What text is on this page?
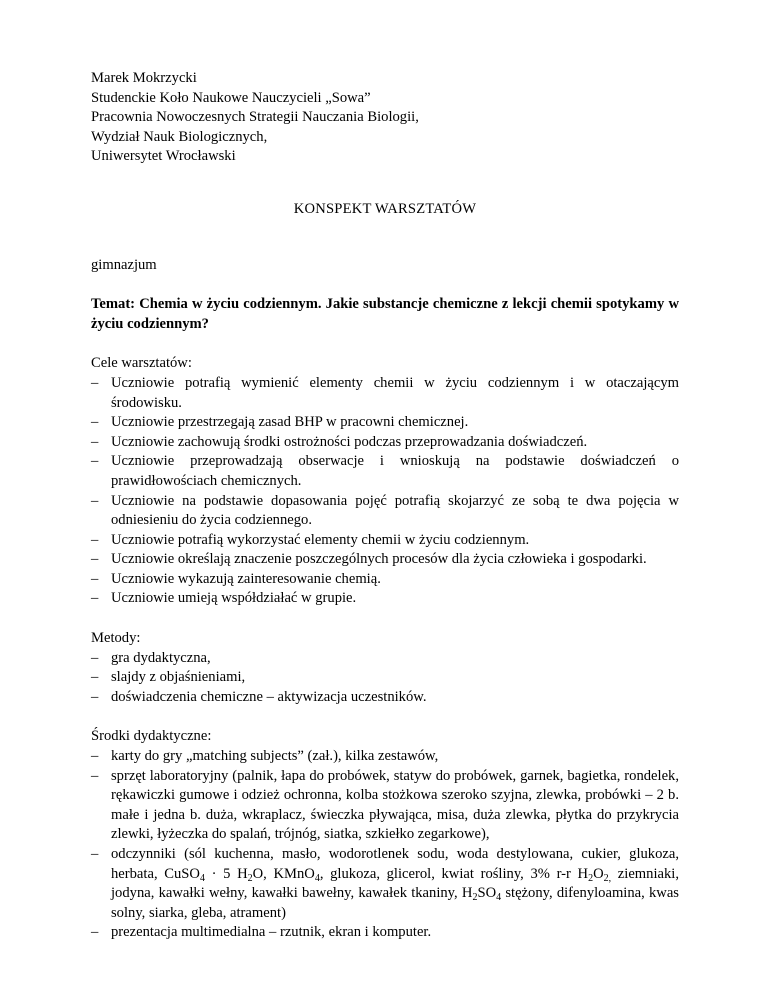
Marek Mokrzycki

Studenckie Koło Naukowe Nauczycieli „Sowa”

Pracownia Nowoczesnych Strategii Nauczania Biologii,

Wydział Nauk Biologicznych,

Uniwersytet Wrocławski

KONSPEKT WARSZTATÓW
gimnazjum
Temat: Chemia w życiu codziennym. Jakie substancje chemiczne z lekcji chemii spotykamy w życiu codziennym?

Cele warsztatów:

– Uczniowie potrafią wymienić elementy chemii w życiu codziennym i w otaczającym środowisku.
– Uczniowie przestrzegają zasad BHP w pracowni chemicznej.
– Uczniowie zachowują środki ostrożności podczas przeprowadzania doświadczeń.
– Uczniowie przeprowadzają obserwacje i wnioskują na podstawie doświadczeń o prawidłowościach chemicznych.
– Uczniowie na podstawie dopasowania pojęć potrafią skojarzyć ze sobą te dwa pojęcia w odniesieniu do życia codziennego.
– Uczniowie potrafią wykorzystać elementy chemii w życiu codziennym.
– Uczniowie określają znaczenie poszczególnych procesów dla życia człowieka i gospodarki.
– Uczniowie wykazują zainteresowanie chemią.
– Uczniowie umieją współdziałać w grupie.

Metody:

– gra dydaktyczna,
– slajdy z objaśnieniami,
– doświadczenia chemiczne – aktywizacja uczestników.

Środki dydaktyczne:

– karty do gry „matching subjects” (zał.), kilka zestawów,
– sprzęt laboratoryjny (palnik, łapa do probówek, statyw do probówek, garnek, bagietka, rondelek, rękawiczki gumowe i odzież ochronna, kolba stożkowa szeroko szyjna, zlewka, probówki – 2 b. małe i jedna b. duża, wkraplacz, świeczka pływająca, misa, duża zlewka, płytka do przykrycia zlewki, łyżeczka do spalań, trójnóg, siatka, szkiełko zegarkowe),
– odczynniki (sól kuchenna, masło, wodorotlenek sodu, woda destylowana, cukier, glukoza, herbata, CuSO$_4$ · 5 $H_2O$, KMnO$_4$, glukoza, glicerol, kwiat rośliny, 3% r-r $H_2O_{2,}$ ziemniaki, jodyna, kawałki wełny, kawałki bawełny, kawałek tkaniny, $H_2SO_4$ stężony, difenyloamina, kwas solny, siarka, gleba, atrament)
– prezentacja multimedialna – rzutnik, ekran i komputer.
